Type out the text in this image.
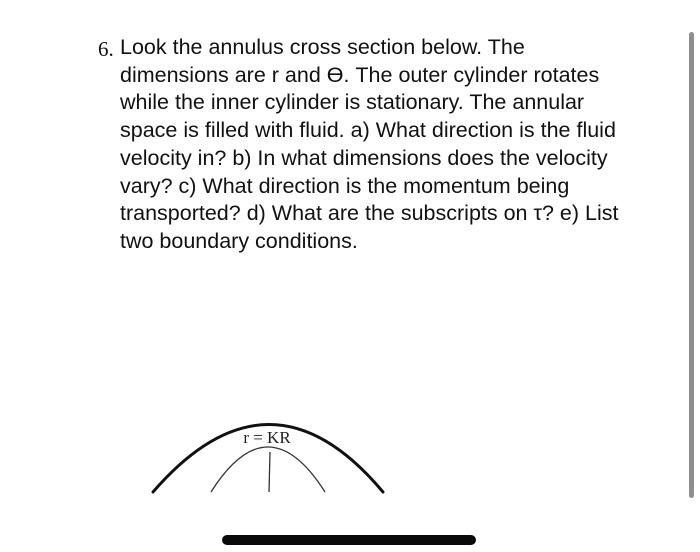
6. Look the annulus cross section below. The dimensions are r and ϴ. The outer cylinder rotates while the inner cylinder is stationary. The annular space is filled with fluid. a) What direction is the fluid velocity in? b) In what dimensions does the velocity vary? c) What direction is the momentum being transported? d) What are the subscripts on τ? e) List two boundary conditions.
r = KR
